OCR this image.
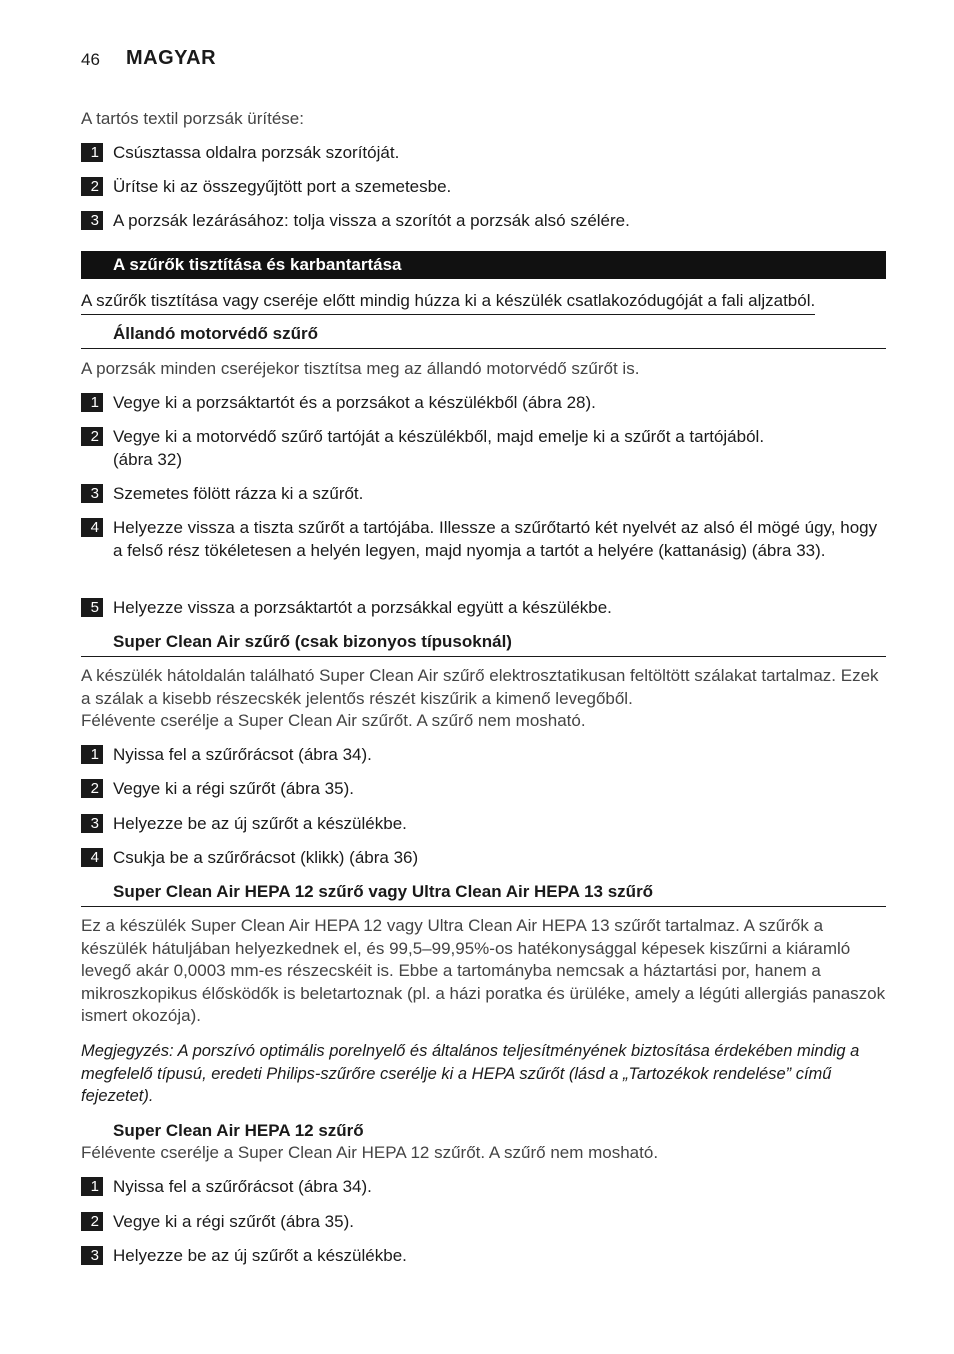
46 MAGYAR
A tartós textil porzsák ürítése:
1 Csúsztassa oldalra porzsák szorítóját.
2 Ürítse ki az összegyűjtött port a szemetesbe.
3 A porzsák lezárásához: tolja vissza a szorítót a porzsák alsó szélére.
A szűrők tisztítása és karbantartása
A szűrők tisztítása vagy cseréje előtt mindig húzza ki a készülék csatlakozódugóját a fali aljzatból.
Állandó motorvédő szűrő
A porzsák minden cseréjekor tisztítsa meg az állandó motorvédő szűrőt is.
1 Vegye ki a porzsáktartót és a porzsákot a készülékből (ábra 28).
2 Vegye ki a motorvédő szűrő tartóját a készülékből, majd emelje ki a szűrőt a tartójából. (ábra 32)
3 Szemetes fölött rázza ki a szűrőt.
4 Helyezze vissza a tiszta szűrőt a tartójába. Illessze a szűrőtartó két nyelvét az alsó él mögé úgy, hogy a felső rész tökéletesen a helyén legyen, majd nyomja a tartót a helyére (kattanásig) (ábra 33).
5 Helyezze vissza a porzsáktartót a porzsákkal együtt a készülékbe.
Super Clean Air szűrő (csak bizonyos típusoknál)
A készülék hátoldalán található Super Clean Air szűrő elektrosztatikusan feltöltött szálakat tartalmaz. Ezek a szálak a kisebb részecskék jelentős részét kiszűrik a kimenő levegőből.
Félévente cserélje a Super Clean Air szűrőt. A szűrő nem mosható.
1 Nyissa fel a szűrőrácsot (ábra 34).
2 Vegye ki a régi szűrőt (ábra 35).
3 Helyezze be az új szűrőt a készülékbe.
4 Csukja be a szűrőrácsot (klikk) (ábra 36)
Super Clean Air HEPA 12 szűrő vagy Ultra Clean Air HEPA 13 szűrő
Ez a készülék Super Clean Air HEPA 12 vagy Ultra Clean Air HEPA 13 szűrőt tartalmaz. A szűrők a készülék hátuljában helyezkednek el, és 99,5–99,95%-os hatékonysággal képesek kiszűrni a kiáramló levegő akár 0,0003 mm-es részecskéit is. Ebbe a tartományba nemcsak a háztartási por, hanem a mikroszkopikus élősködők is beletartoznak (pl. a házi poratka és ürüléke, amely a légúti allergiás panaszok ismert okozója).
Megjegyzés: A porszívó optimális porelnyelő és általános teljesítményének biztosítása érdekében mindig a megfelelő típusú, eredeti Philips-szűrőre cserélje ki a HEPA szűrőt (lásd a „Tartozékok rendelése” című fejezetet).
Super Clean Air HEPA 12 szűrő
Félévente cserélje a Super Clean Air HEPA 12 szűrőt. A szűrő nem mosható.
1 Nyissa fel a szűrőrácsot (ábra 34).
2 Vegye ki a régi szűrőt (ábra 35).
3 Helyezze be az új szűrőt a készülékbe.
